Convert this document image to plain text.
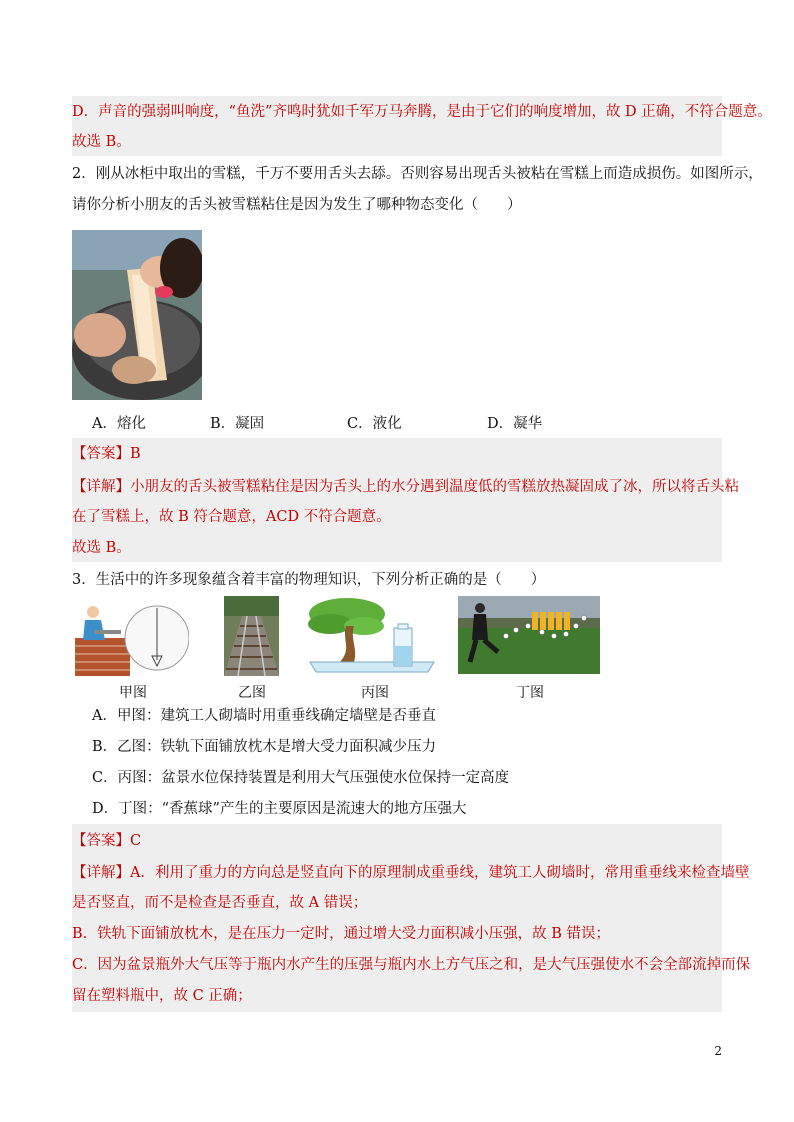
D．声音的强弱叫响度，“鱼洗”齐鸣时犹如千军万马奔腾，是由于它们的响度增加，故 D 正确，不符合题意。
故选 B。
2．刚从冰柜中取出的雪糕，千万不要用舌头去舔。否则容易出现舌头被粘在雪糕上而造成损伤。如图所示，
请你分析小朋友的舌头被雪糕粘住是因为发生了哪种物态变化（　　）
A．熔化	B．凝固	C．液化	D．凝华
【答案】B
【详解】小朋友的舌头被雪糕粘住是因为舌头上的水分遇到温度低的雪糕放热凝固成了冰，所以将舌头粘
在了雪糕上，故 B 符合题意，ACD 不符合题意。
故选 B。
3．生活中的许多现象蕴含着丰富的物理知识，下列分析正确的是（　　）
甲图	乙图	丙图	丁图
A．甲图：建筑工人砌墙时用重垂线确定墙壁是否垂直
B．乙图：铁轨下面铺放枕木是增大受力面积减少压力
C．丙图：盆景水位保持装置是利用大气压强使水位保持一定高度
D．丁图：“香蕉球”产生的主要原因是流速大的地方压强大
【答案】C
【详解】A．利用了重力的方向总是竖直向下的原理制成重垂线，建筑工人砌墙时，常用重垂线来检查墙壁
是否竖直，而不是检查是否垂直，故 A 错误；
B．铁轨下面铺放枕木，是在压力一定时，通过增大受力面积减小压强，故 B 错误；
C．因为盆景瓶外大气压等于瓶内水产生的压强与瓶内水上方气压之和，是大气压强使水不会全部流掉而保
留在塑料瓶中，故 C 正确；
2
